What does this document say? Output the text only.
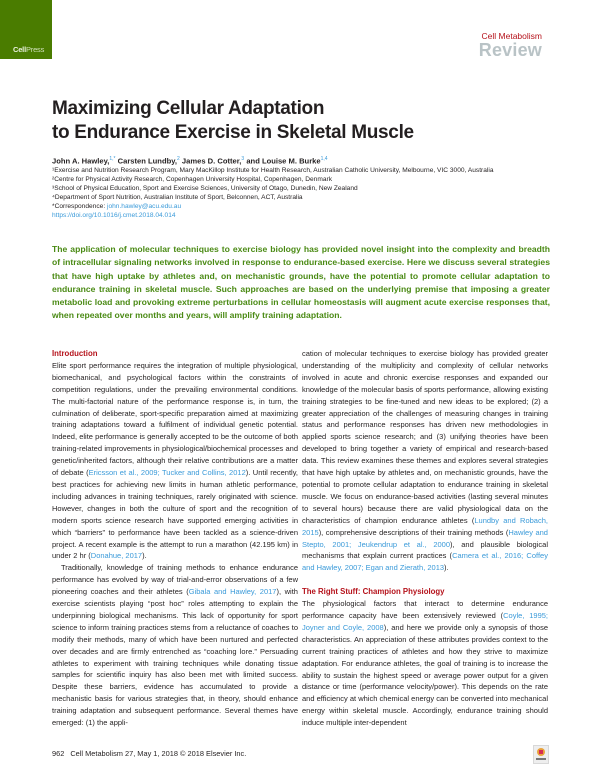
CellPress
Cell Metabolism
Review
Maximizing Cellular Adaptation
to Endurance Exercise in Skeletal Muscle
John A. Hawley,$^{1,*}$ Carsten Lundby,$^2$ James D. Cotter,$^3$ and Louise M. Burke$^{1,4}$
¹Exercise and Nutrition Research Program, Mary MacKillop Institute for Health Research, Australian Catholic University, Melbourne, VIC 3000, Australia
²Centre for Physical Activity Research, Copenhagen University Hospital, Copenhagen, Denmark
³School of Physical Education, Sport and Exercise Sciences, University of Otago, Dunedin, New Zealand
⁴Department of Sport Nutrition, Australian Institute of Sport, Belconnen, ACT, Australia
*Correspondence: john.hawley@acu.edu.au
https://doi.org/10.1016/j.cmet.2018.04.014
The application of molecular techniques to exercise biology has provided novel insight into the complexity and breadth of intracellular signaling networks involved in response to endurance-based exercise. Here we discuss several strategies that have high uptake by athletes and, on mechanistic grounds, have the potential to promote cellular adaptation to endurance training in skeletal muscle. Such approaches are based on the underlying premise that imposing a greater metabolic load and provoking extreme perturbations in cellular homeostasis will augment acute exercise responses that, when repeated over months and years, will amplify training adaptation.

Introduction

Elite sport performance requires the integration of multiple physiological, biomechanical, and psychological factors within the constraints of competition regulations, under the prevailing environmental conditions. The multi-factorial nature of the performance response is, in turn, the culmination of deliberate, sport-specific preparation aimed at maximizing training adaptations toward a fulfilment of individual genetic potential. Indeed, elite performance is generally accepted to be the outcome of both training-related improvements in physiological/biochemical processes and genetic/inherited factors, although their relative contributions are a matter of debate (Ericsson et al., 2009; Tucker and Collins, 2012). Until recently, best practices for achieving new limits in human athletic performance, including advances in training techniques, rarely originated with science. However, changes in both the culture of sport and the recognition of modern sports science research have supported emerging activities in which “barriers” to performance have been tackled as a science-driven project. A recent example is the attempt to run a marathon (42.195 km) in under 2 hr (Donahue, 2017).

Traditionally, knowledge of training methods to enhance endurance performance has evolved by way of trial-and-error observations of a few pioneering coaches and their athletes (Gibala and Hawley, 2017), with exercise scientists playing “post hoc” roles attempting to explain the underpinning biological mechanisms. This lack of opportunity for sport science to inform training practices stems from a reluctance of coaches to modify their methods, many of which have been nurtured and perfected over decades and are firmly entrenched as “coaching lore.” Persuading athletes to experiment with training techniques while donating tissue samples for scientific inquiry has also been met with limited success. Despite these barriers, evidence has accumulated to provide a mechanistic basis for various strategies that, in theory, should enhance training adaptation and subsequent performance. Several themes have emerged: (1) the appli-

cation of molecular techniques to exercise biology has provided greater understanding of the multiplicity and complexity of cellular networks involved in acute and chronic exercise responses and expanded our knowledge of the molecular basis of sports performance, allowing existing training strategies to be fine-tuned and new ideas to be explored; (2) a greater appreciation of the challenges of measuring changes in training status and performance responses has driven new methodologies in applied sports science research; and (3) unifying theories have been developed to bring together a variety of empirical and research-based data. This review examines these themes and explores several strategies that have high uptake by athletes and, on mechanistic grounds, have the potential to promote cellular adaptation to endurance training in skeletal muscle. We focus on endurance-based activities (lasting several minutes to several hours) because there are valid physiological data on the characteristics of champion endurance athletes (Lundby and Robach, 2015), comprehensive descriptions of their training methods (Hawley and Stepto, 2001; Jeukendrup et al., 2000), and plausible biological mechanisms that explain current practices (Camera et al., 2016; Coffey and Hawley, 2007; Egan and Zierath, 2013).

The Right Stuff: Champion Physiology

The physiological factors that interact to determine endurance performance capacity have been extensively reviewed (Coyle, 1995; Joyner and Coyle, 2008), and here we provide only a synopsis of those characteristics. An appreciation of these attributes provides context to the current training practices of athletes and how they strive to maximize adaptation. For endurance athletes, the goal of training is to increase the ability to sustain the highest speed or average power output for a given distance or time (performance velocity/power). This depends on the rate and efficiency at which chemical energy can be converted into mechanical energy within skeletal muscle. Accordingly, endurance training should induce multiple inter-dependent

962 Cell Metabolism 27, May 1, 2018 © 2018 Elsevier Inc.
